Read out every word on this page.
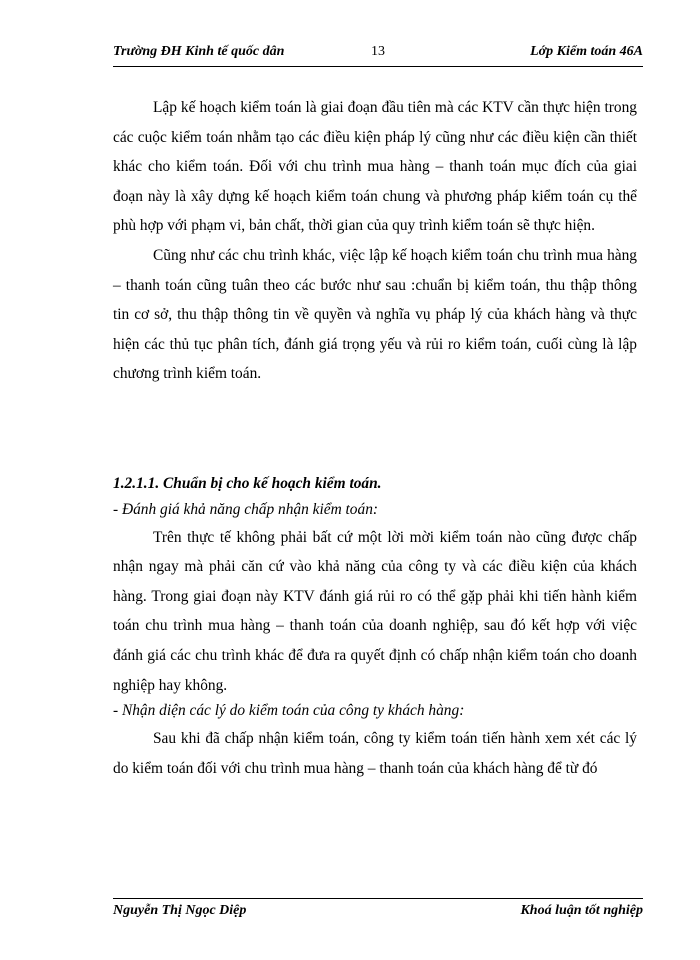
Trường ĐH Kinh tế quốc dân	13	Lớp Kiểm toán 46A

Lập kế hoạch kiểm toán là giai đoạn đầu tiên mà các KTV cần thực hiện trong các cuộc kiểm toán nhằm tạo các điều kiện pháp lý cũng như các điều kiện cần thiết khác cho kiểm toán. Đối với chu trình mua hàng – thanh toán mục đích của giai đoạn này là xây dựng kế hoạch kiểm toán chung và phương pháp kiểm toán cụ thể phù hợp với phạm vi, bản chất, thời gian của quy trình kiểm toán sẽ thực hiện.

Cũng như các chu trình khác, việc lập kế hoạch kiểm toán chu trình mua hàng – thanh toán cũng tuân theo các bước như sau :chuẩn bị kiểm toán, thu thập thông tin cơ sở, thu thập thông tin về quyền và nghĩa vụ pháp lý của khách hàng và thực hiện các thủ tục phân tích, đánh giá trọng yếu và rủi ro kiểm toán, cuối cùng là lập chương trình kiểm toán.

1.2.1.1. Chuẩn bị cho kế hoạch kiểm toán.

- Đánh giá khả năng chấp nhận kiểm toán:

Trên thực tế không phải bất cứ một lời mời kiểm toán nào cũng được chấp nhận ngay mà phải căn cứ vào khả năng của công ty và các điều kiện của khách hàng. Trong giai đoạn này KTV đánh giá rủi ro có thể gặp phải khi tiến hành kiểm toán chu trình mua hàng – thanh toán của doanh nghiệp, sau đó kết hợp với việc đánh giá các chu trình khác để đưa ra quyết định có chấp nhận kiểm toán cho doanh nghiệp hay không.

- Nhận diện các lý do kiểm toán của công ty khách hàng:

Sau khi đã chấp nhận kiểm toán, công ty kiểm toán tiến hành xem xét các lý do kiểm toán đối với chu trình mua hàng – thanh toán của khách hàng để từ đó

Nguyễn Thị Ngọc Diệp	Khoá luận tốt nghiệp
